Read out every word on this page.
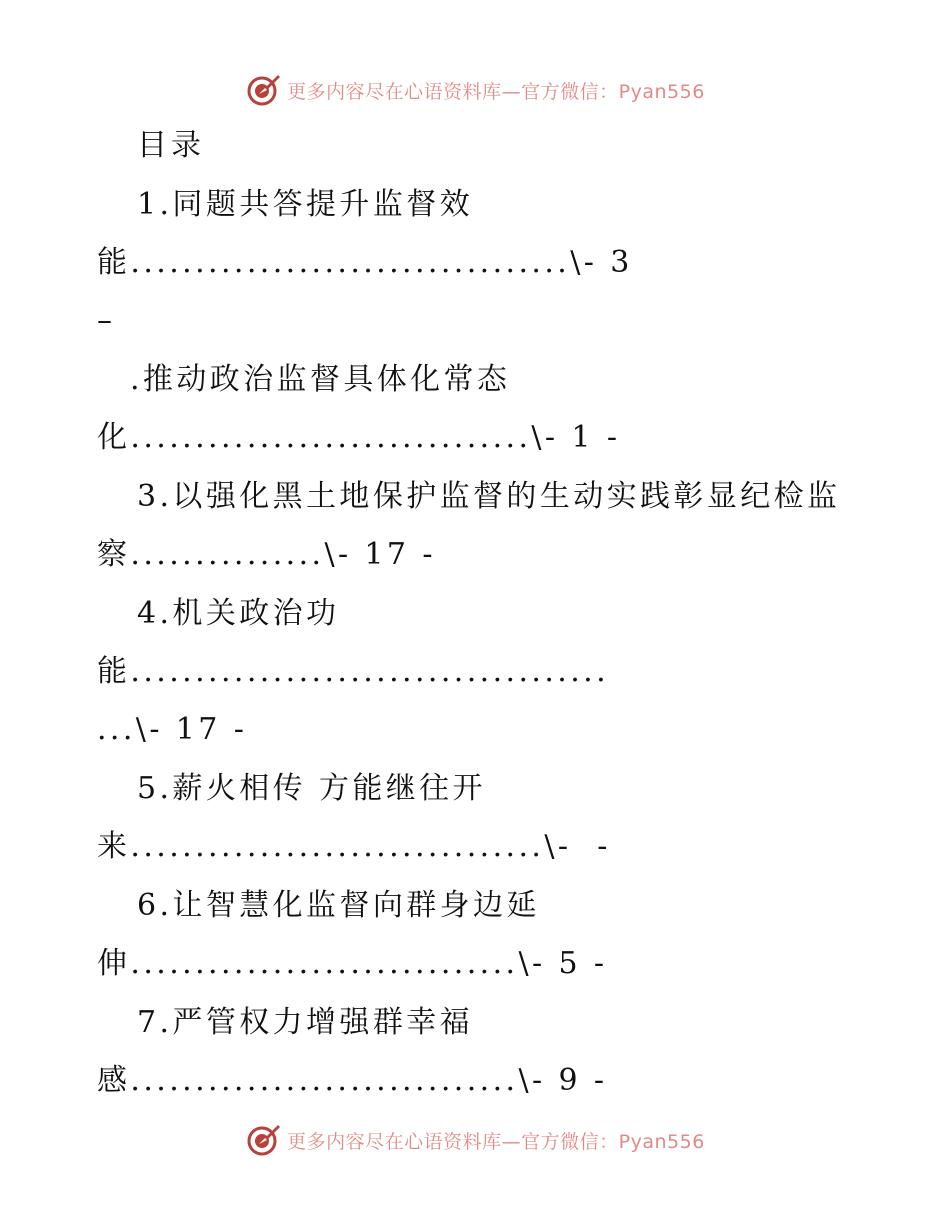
更多内容尽在心语资料库—官方微信：Pyan556
目录
1.同题共答提升监督效
能..................................\- 3
–
.推动政治监督具体化常态
化...............................\- 1 -
3.以强化黑土地保护监督的生动实践彰显纪检监
察...............\- 17 -
4.机关政治功
能.....................................
...\- 17 -
5.薪火相传 方能继往开
来................................\-  -
6.让智慧化监督向群身边延
伸..............................\- 5 -
7.严管权力增强群幸福
感..............................\- 9 -
更多内容尽在心语资料库—官方微信：Pyan556
